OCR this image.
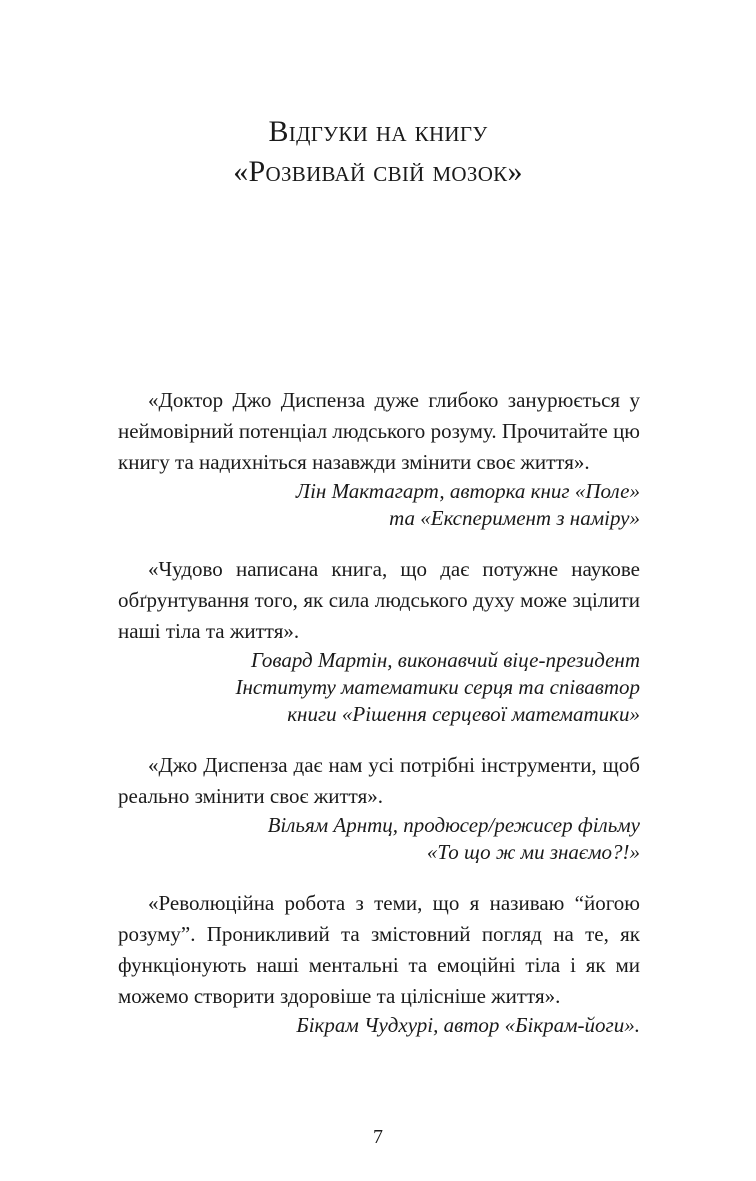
Відгуки на книгу
«Розвивай свій мозок»

«Доктор Джо Диспенза дуже глибоко занурюється у неймовірний потенціал людського розуму. Прочитайте цю книгу та надихніться назавжди змінити своє життя».

Лін Мактагарт, авторка книг «Поле»
та «Експеримент з наміру»

«Чудово написана книга, що дає потужне наукове обґрунтування того, як сила людського духу може зцілити наші тіла та життя».

Говард Мартін, виконавчий віце-президент
Інституту математики серця та співавтор
книги «Рішення серцевої математики»

«Джо Диспенза дає нам усі потрібні інструменти, щоб реально змінити своє життя».

Вільям Арнтц, продюсер/режисер фільму
«То що ж ми знаємо?!»

«Революційна робота з теми, що я називаю “йогою розуму”. Проникливий та змістовний погляд на те, як функціонують наші ментальні та емоційні тіла і як ми можемо створити здоровіше та цілісніше життя».

Бікрам Чудхурі, автор «Бікрам-йоги».
7
